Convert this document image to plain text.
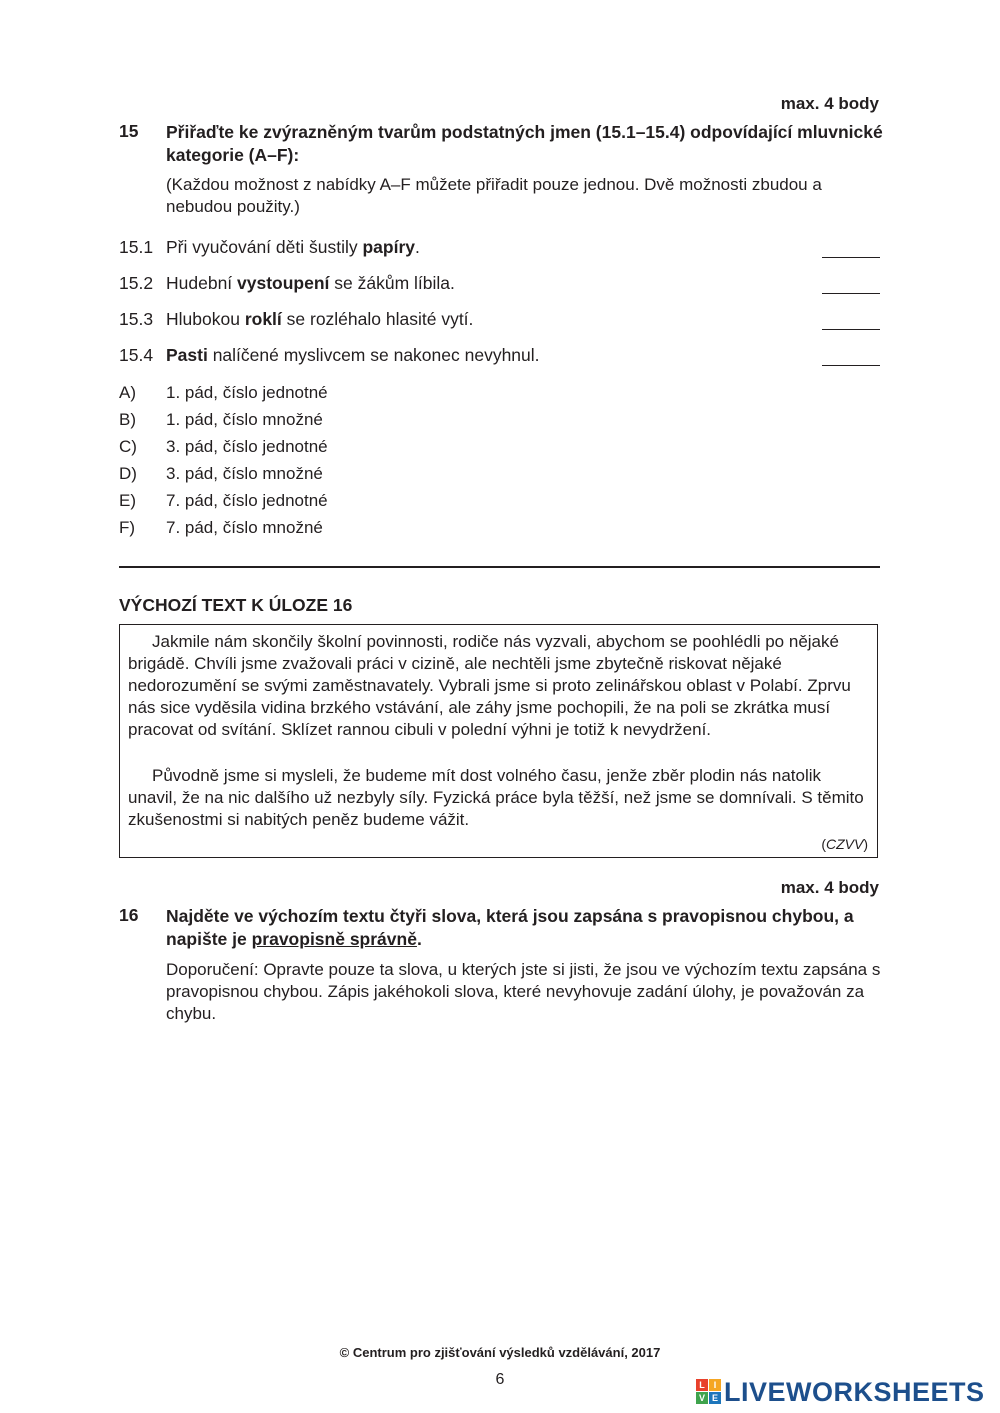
max. 4 body
15 Přiřaďte ke zvýrazněným tvarům podstatných jmen (15.1–15.4) odpovídající mluvnické kategorie (A–F):
(Každou možnost z nabídky A–F můžete přiřadit pouze jednou. Dvě možnosti zbudou a nebudou použity.)
15.1 Při vyučování děti šustily papíry.
15.2 Hudební vystoupení se žákům líbila.
15.3 Hlubokou roklí se rozléhalo hlasité vytí.
15.4 Pasti nalíčené myslivcem se nakonec nevyhnul.
A) 1. pád, číslo jednotné
B) 1. pád, číslo množné
C) 3. pád, číslo jednotné
D) 3. pád, číslo množné
E) 7. pád, číslo jednotné
F) 7. pád, číslo množné
VÝCHOZÍ TEXT K ÚLOZE 16
Jakmile nám skončily školní povinnosti, rodiče nás vyzvali, abychom se poohlédli po nějaké brigádě. Chvíli jsme zvažovali práci v cizině, ale nechtěli jsme zbytečně riskovat nějaké nedorozumění se svými zaměstnavately. Vybrali jsme si proto zelinářskou oblast v Polabí. Zprvu nás sice vyděsila vidina brzkého vstávání, ale záhy jsme pochopili, že na poli se zkrátka musí pracovat od svítání. Sklízet rannou cibuli v polední výhni je totiž k nevydržení.
Původně jsme si mysleli, že budeme mít dost volného času, jenže zběr plodin nás natolik unavil, že na nic dalšího už nezbyly síly. Fyzická práce byla těžší, než jsme se domnívali. S těmito zkušenostmi si nabitých peněz budeme vážit.
(CZVV)
max. 4 body
16 Najděte ve výchozím textu čtyři slova, která jsou zapsána s pravopisnou chybou, a napište je pravopisně správně.
Doporučení: Opravte pouze ta slova, u kterých jste si jisti, že jsou ve výchozím textu zapsána s pravopisnou chybou. Zápis jakéhokoli slova, které nevyhovuje zadání úlohy, je považován za chybu.
© Centrum pro zjišťování výsledků vzdělávání, 2017
6	L I
V E LIVEWORKSHEETS
